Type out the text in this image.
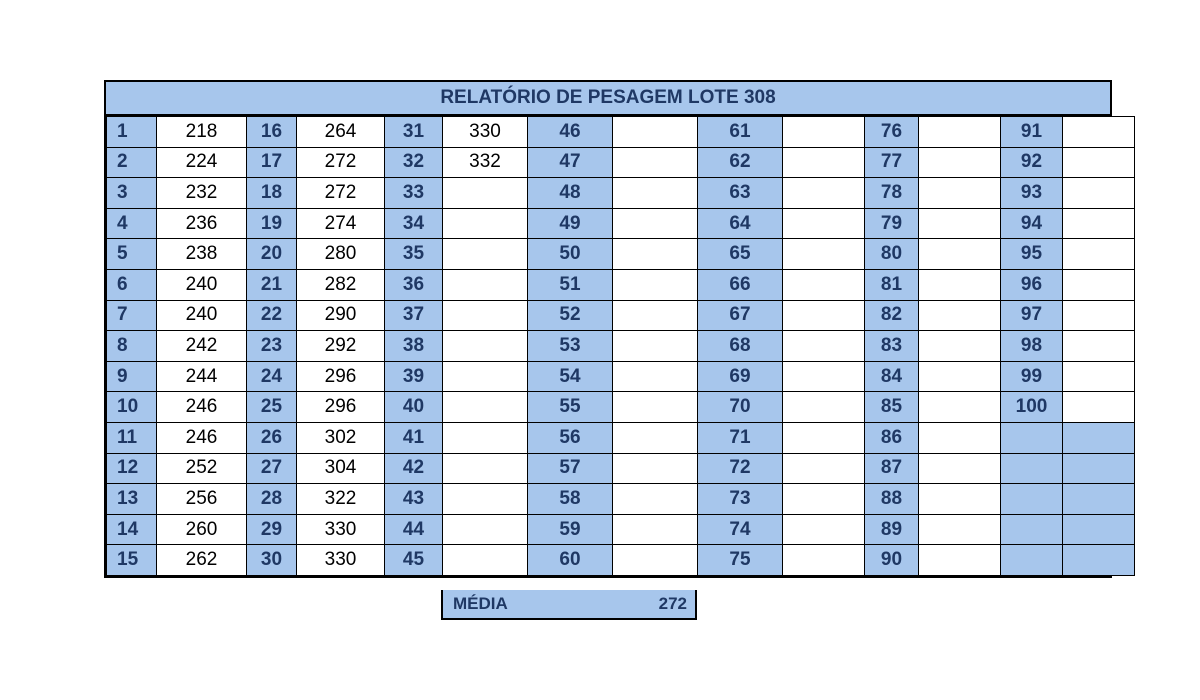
RELATÓRIO DE PESAGEM LOTE 308
1	218	16	264	31	330	46		61		76		91	
2	224	17	272	32	332	47		62		77		92	
3	232	18	272	33		48		63		78		93	
4	236	19	274	34		49		64		79		94	
5	238	20	280	35		50		65		80		95	
6	240	21	282	36		51		66		81		96	
7	240	22	290	37		52		67		82		97	
8	242	23	292	38		53		68		83		98	
9	244	24	296	39		54		69		84		99	
10	246	25	296	40		55		70		85		100	
11	246	26	302	41		56		71		86			
12	252	27	304	42		57		72		87			
13	256	28	322	43		58		73		88			
14	260	29	330	44		59		74		89			
15	262	30	330	45		60		75		90			
MÉDIA	272
